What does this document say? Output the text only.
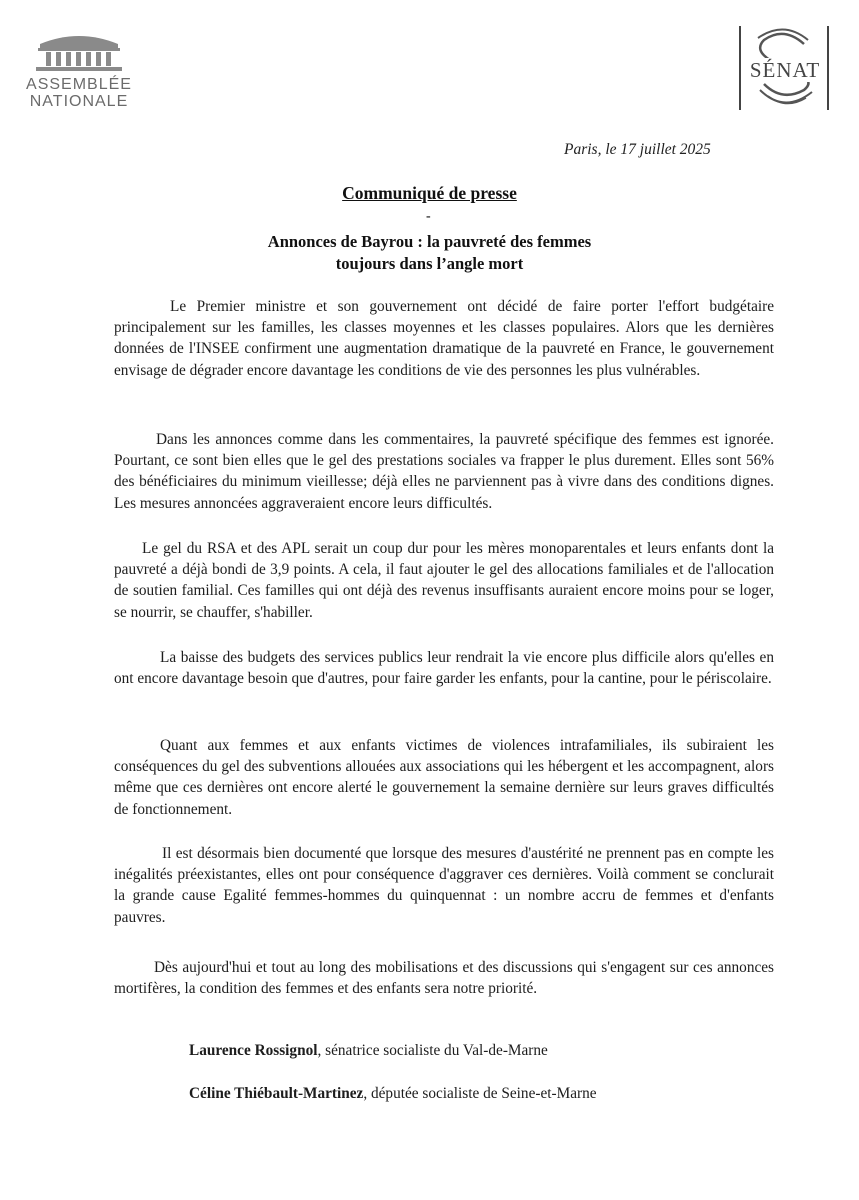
ASSEMBLÉE
NATIONALE
SÉNAT
Paris, le 17 juillet 2025
Communiqué de presse
-
Annonces de Bayrou : la pauvreté des femmes
toujours dans l’angle mort
Le Premier ministre et son gouvernement ont décidé de faire porter l'effort budgétaire principalement sur les familles, les classes moyennes et les classes populaires. Alors que les dernières données de l'INSEE confirment une augmentation dramatique de la pauvreté en France, le gouvernement envisage de dégrader encore davantage les conditions de vie des personnes les plus vulnérables.
Dans les annonces comme dans les commentaires, la pauvreté spécifique des femmes est ignorée. Pourtant, ce sont bien elles que le gel des prestations sociales va frapper le plus durement. Elles sont 56% des bénéficiaires du minimum vieillesse; déjà elles ne parviennent pas à vivre dans des conditions dignes. Les mesures annoncées aggraveraient encore leurs difficultés.
Le gel du RSA et des APL serait un coup dur pour les mères monoparentales et leurs enfants dont la pauvreté a déjà bondi de 3,9 points. A cela, il faut ajouter le gel des allocations familiales et de l'allocation de soutien familial. Ces familles qui ont déjà des revenus insuffisants auraient encore moins pour se loger, se nourrir, se chauffer, s'habiller.
La baisse des budgets des services publics leur rendrait la vie encore plus difficile alors qu'elles en ont encore davantage besoin que d'autres, pour faire garder les enfants, pour la cantine, pour le périscolaire.
Quant aux femmes et aux enfants victimes de violences intrafamiliales, ils subiraient les conséquences du gel des subventions allouées aux associations qui les hébergent et les accompagnent, alors même que ces dernières ont encore alerté le gouvernement la semaine dernière sur leurs graves difficultés de fonctionnement.
Il est désormais bien documenté que lorsque des mesures d'austérité ne prennent pas en compte les inégalités préexistantes, elles ont pour conséquence d'aggraver ces dernières. Voilà comment se conclurait la grande cause Egalité femmes-hommes du quinquennat : un nombre accru de femmes et d'enfants pauvres.
Dès aujourd'hui et tout au long des mobilisations et des discussions qui s'engagent sur ces annonces mortifères, la condition des femmes et des enfants sera notre priorité.
Laurence Rossignol, sénatrice socialiste du Val-de-Marne
Céline Thiébault-Martinez, députée socialiste de Seine-et-Marne
